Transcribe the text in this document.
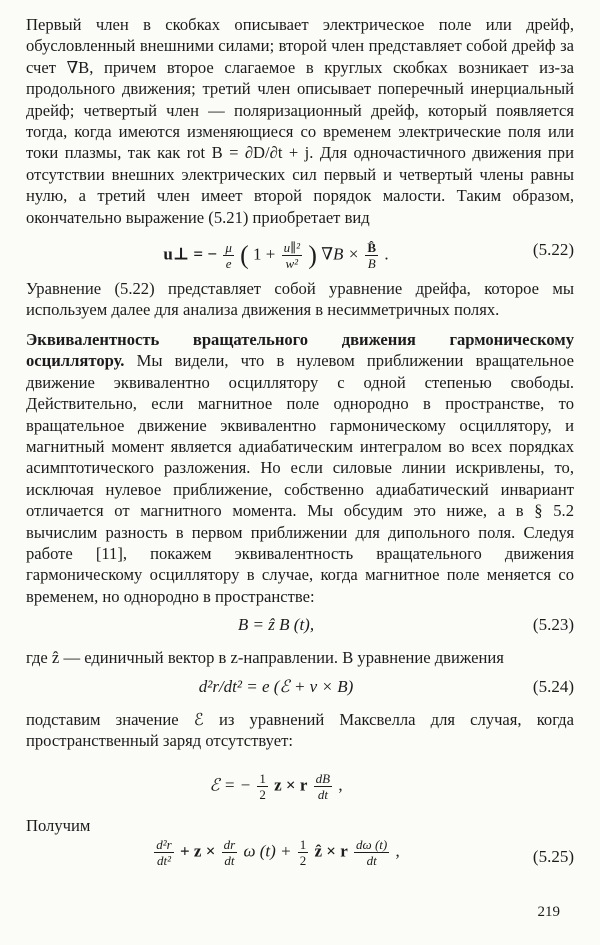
Первый член в скобках описывает электрическое поле или дрейф, обусловленный внешними силами; второй член представляет собой дрейф за счет ∇B, причем второе слагаемое в круглых скобках возникает из-за продольного движения; третий член описывает поперечный инерциальный дрейф; четвертый член — поляризационный дрейф, который появляется тогда, когда имеются изменяющиеся со временем электрические поля или токи плазмы, так как rot B = ∂D/∂t + j. Для одночастичного движения при отсутствии внешних электрических сил первый и четвертый члены равны нулю, а третий член имеет второй порядок малости. Таким образом, окончательно выражение (5.21) приобретает вид

u⊥ = − $\frac{\mu}{e}$ ( $1 + \frac{\text{u∥²}}{\text{w²}}$ ) $\nabla B \times \frac{B̂}{B}$ .	(5.22)

Уравнение (5.22) представляет собой уравнение дрейфа, которое мы используем далее для анализа движения в несимметричных полях.

Эквивалентность вращательного движения гармоническому осциллятору. Мы видели, что в нулевом приближении вращательное движение эквивалентно осциллятору с одной степенью свободы. Действительно, если магнитное поле однородно в пространстве, то вращательное движение эквивалентно гармоническому осциллятору, и магнитный момент является адиабатическим интегралом во всех порядках асимптотического разложения. Но если силовые линии искривлены, то, исключая нулевое приближение, собственно адиабатический инвариант отличается от магнитного момента. Мы обсудим это ниже, а в § 5.2 вычислим разность в первом приближении для дипольного поля. Следуя работе [11], покажем эквивалентность вращательного движения гармоническому осциллятору в случае, когда магнитное поле меняется со временем, но однородно в пространстве:

B = ẑ B (t),	(5.23)

где ẑ — единичный вектор в z-направлении. В уравнение движения

d²r/dt² = e (ℰ + v × B)	(5.24)

подставим значение ℰ из уравнений Максвелла для случая, когда пространственный заряд отсутствует:

ℰ = − $\frac{1}{2}$ z × r $\frac{dB}{dt}$ ,

Получим

$\frac{\text{d²r}}{\text{dt²}} + z \times \frac{dr}{dt}$ ω $(t) + \frac{1}{2}$ ẑ × r $\frac{d\omega (t)}{dt}$ ,	(5.25)
219
